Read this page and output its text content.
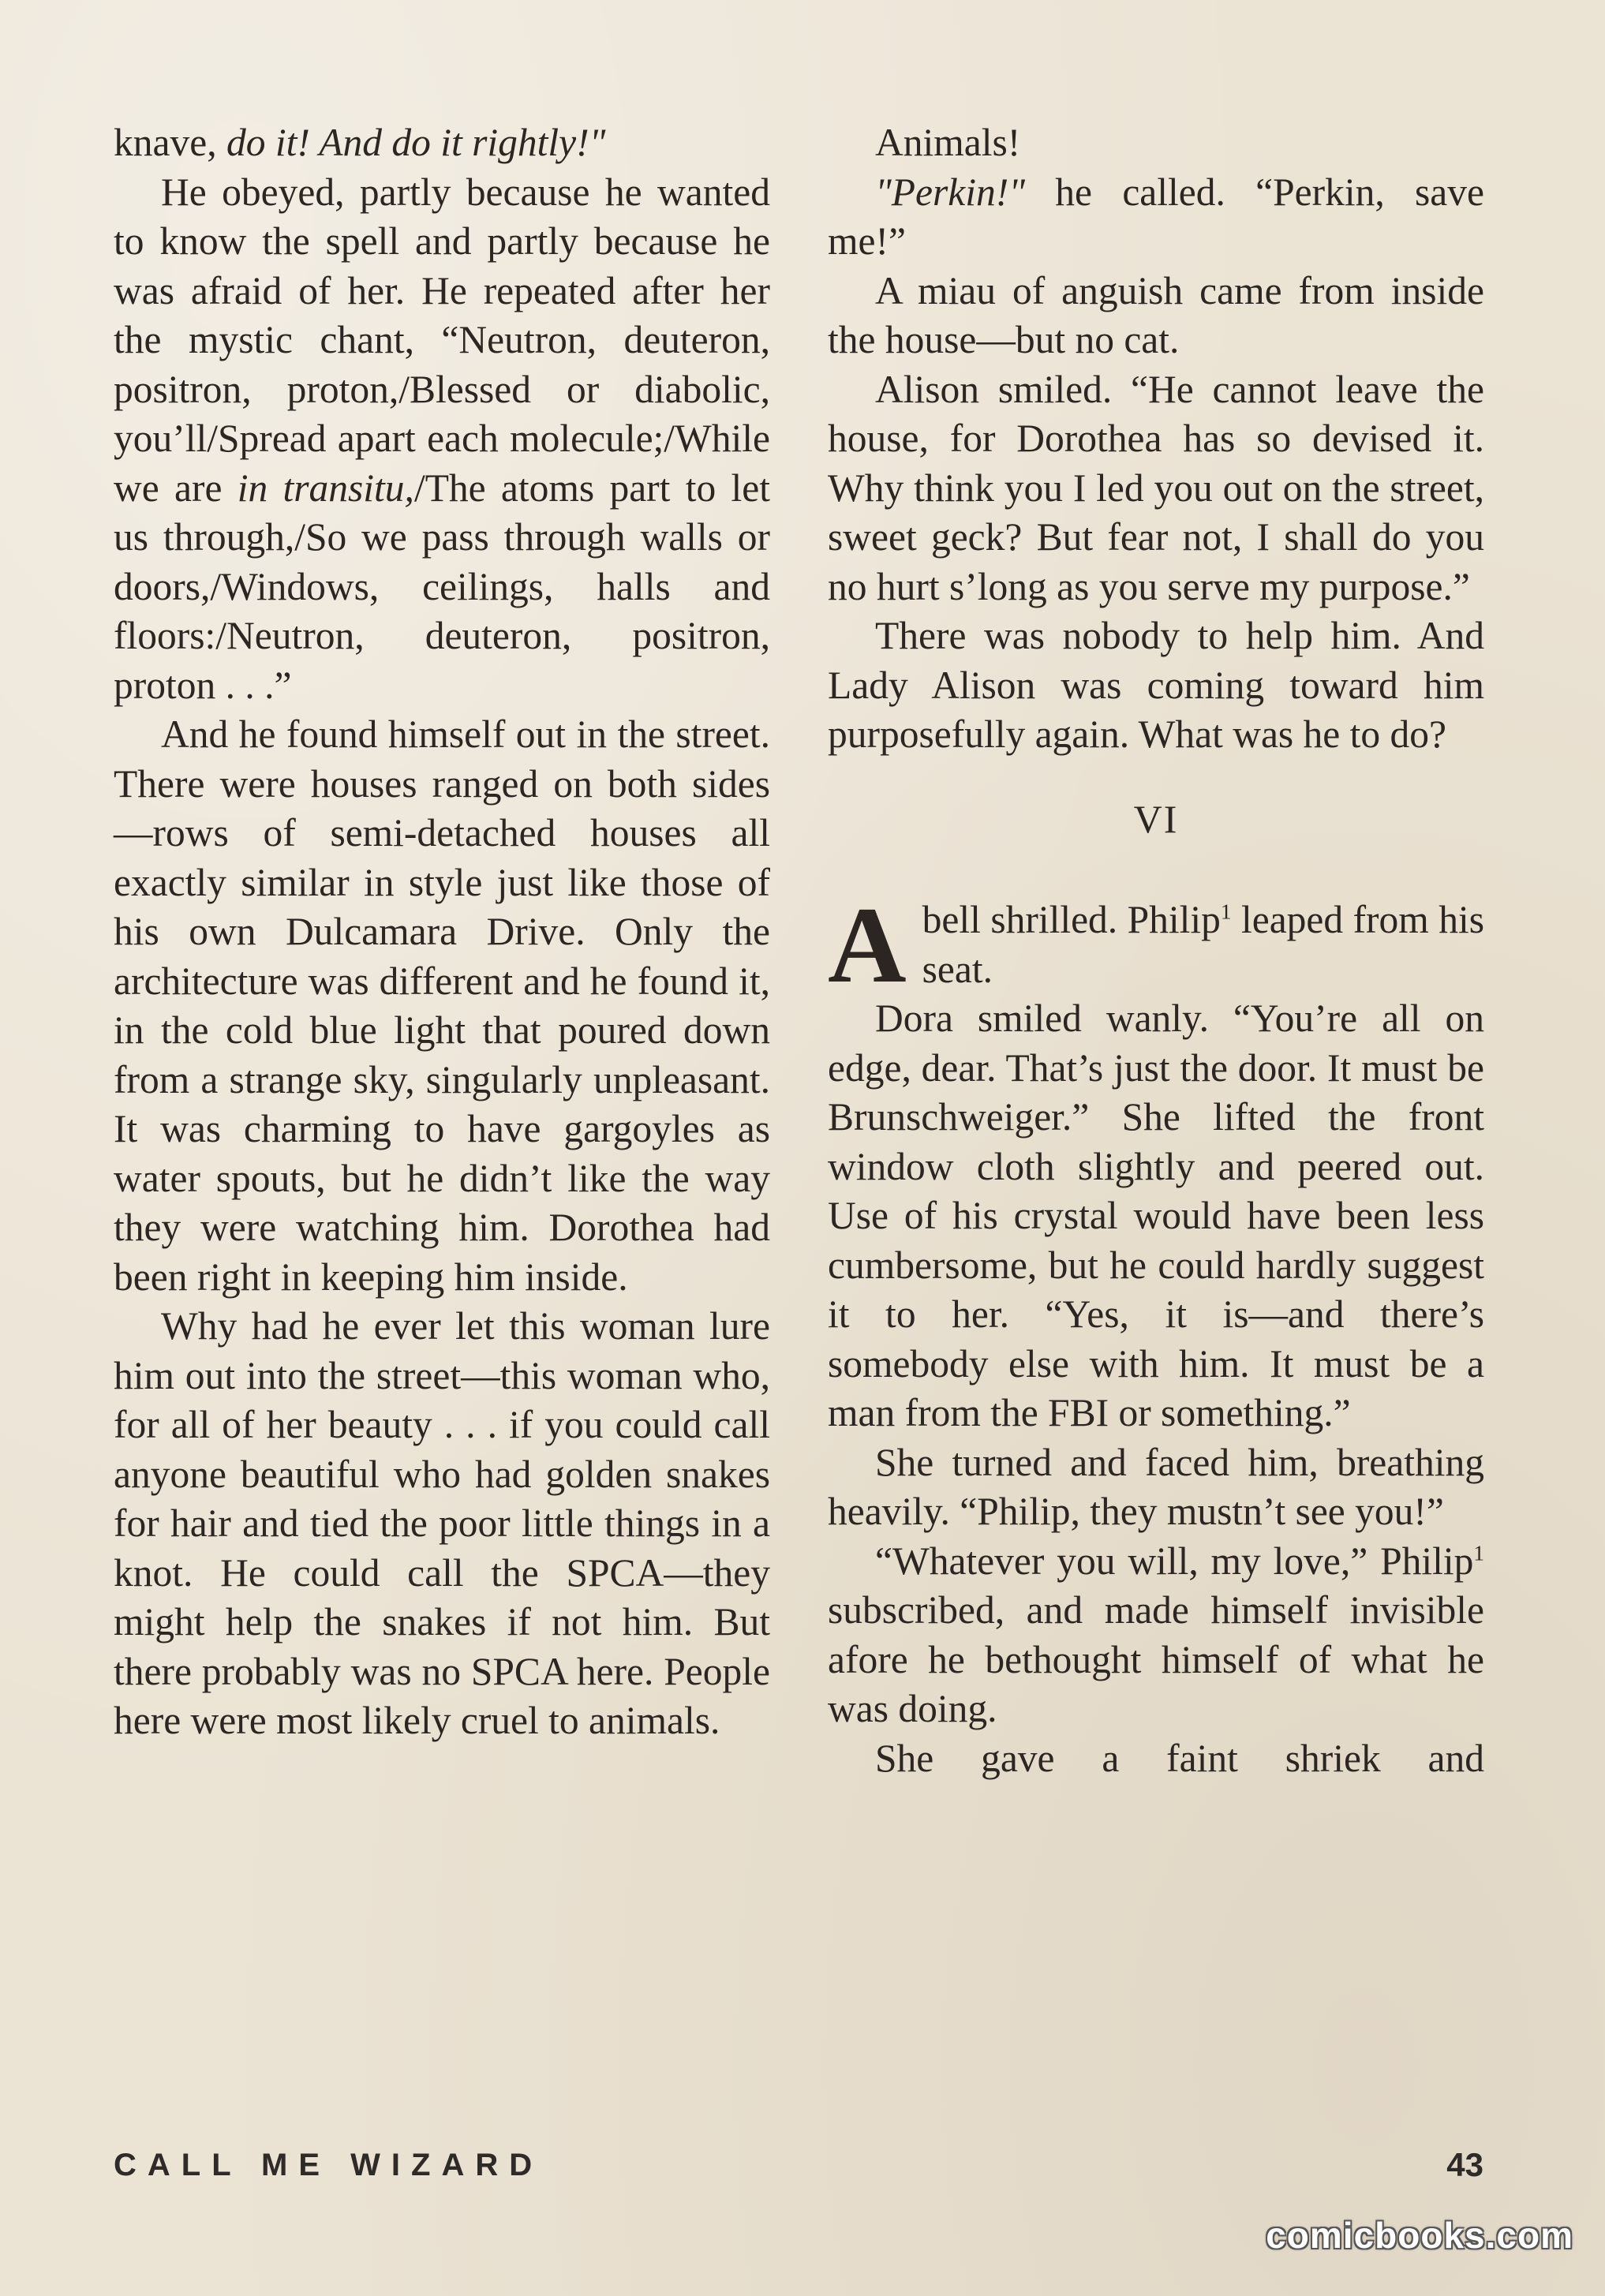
knave, do it! And do it rightly!"

He obeyed, partly because he wanted to know the spell and partly because he was afraid of her. He repeated after her the mystic chant, “Neutron, deuteron, positron, proton,/Blessed or diabolic, you’ll/Spread apart each molecule;/While we are in transitu,/The atoms part to let us through,/So we pass through walls or doors,/Windows, ceilings, halls and floors:/Neutron, deuteron, positron, proton . . .”

And he found himself out in the street. There were houses ranged on both sides—rows of semi-detached houses all exactly similar in style just like those of his own Dulcamara Drive. Only the architecture was different and he found it, in the cold blue light that poured down from a strange sky, singularly unpleasant. It was charming to have gargoyles as water spouts, but he didn’t like the way they were watching him. Dorothea had been right in keeping him inside.

Why had he ever let this woman lure him out into the street—this woman who, for all of her beauty . . . if you could call anyone beautiful who had golden snakes for hair and tied the poor little things in a knot. He could call the SPCA—they might help the snakes if not him. But there probably was no SPCA here. People here were most likely cruel to animals.

Animals!

"Perkin!" he called. “Perkin, save me!”

A miau of anguish came from inside the house—but no cat.

Alison smiled. “He cannot leave the house, for Dorothea has so devised it. Why think you I led you out on the street, sweet geck? But fear not, I shall do you no hurt s’long as you serve my purpose.”

There was nobody to help him. And Lady Alison was coming toward him purposefully again. What was he to do?

VI

Abell shrilled. Philip$^1$ leaped from his seat.

Dora smiled wanly. “You’re all on edge, dear. That’s just the door. It must be Brunschweiger.” She lifted the front window cloth slightly and peered out. Use of his crystal would have been less cumbersome, but he could hardly suggest it to her. “Yes, it is—and there’s somebody else with him. It must be a man from the FBI or something.”

She turned and faced him, breathing heavily. “Philip, they mustn’t see you!”

“Whatever you will, my love,” Philip$^1$ subscribed, and made himself invisible afore he bethought himself of what he was doing.

She gave a faint shriek and

CALL ME WIZARD	43
comicbooks.com
